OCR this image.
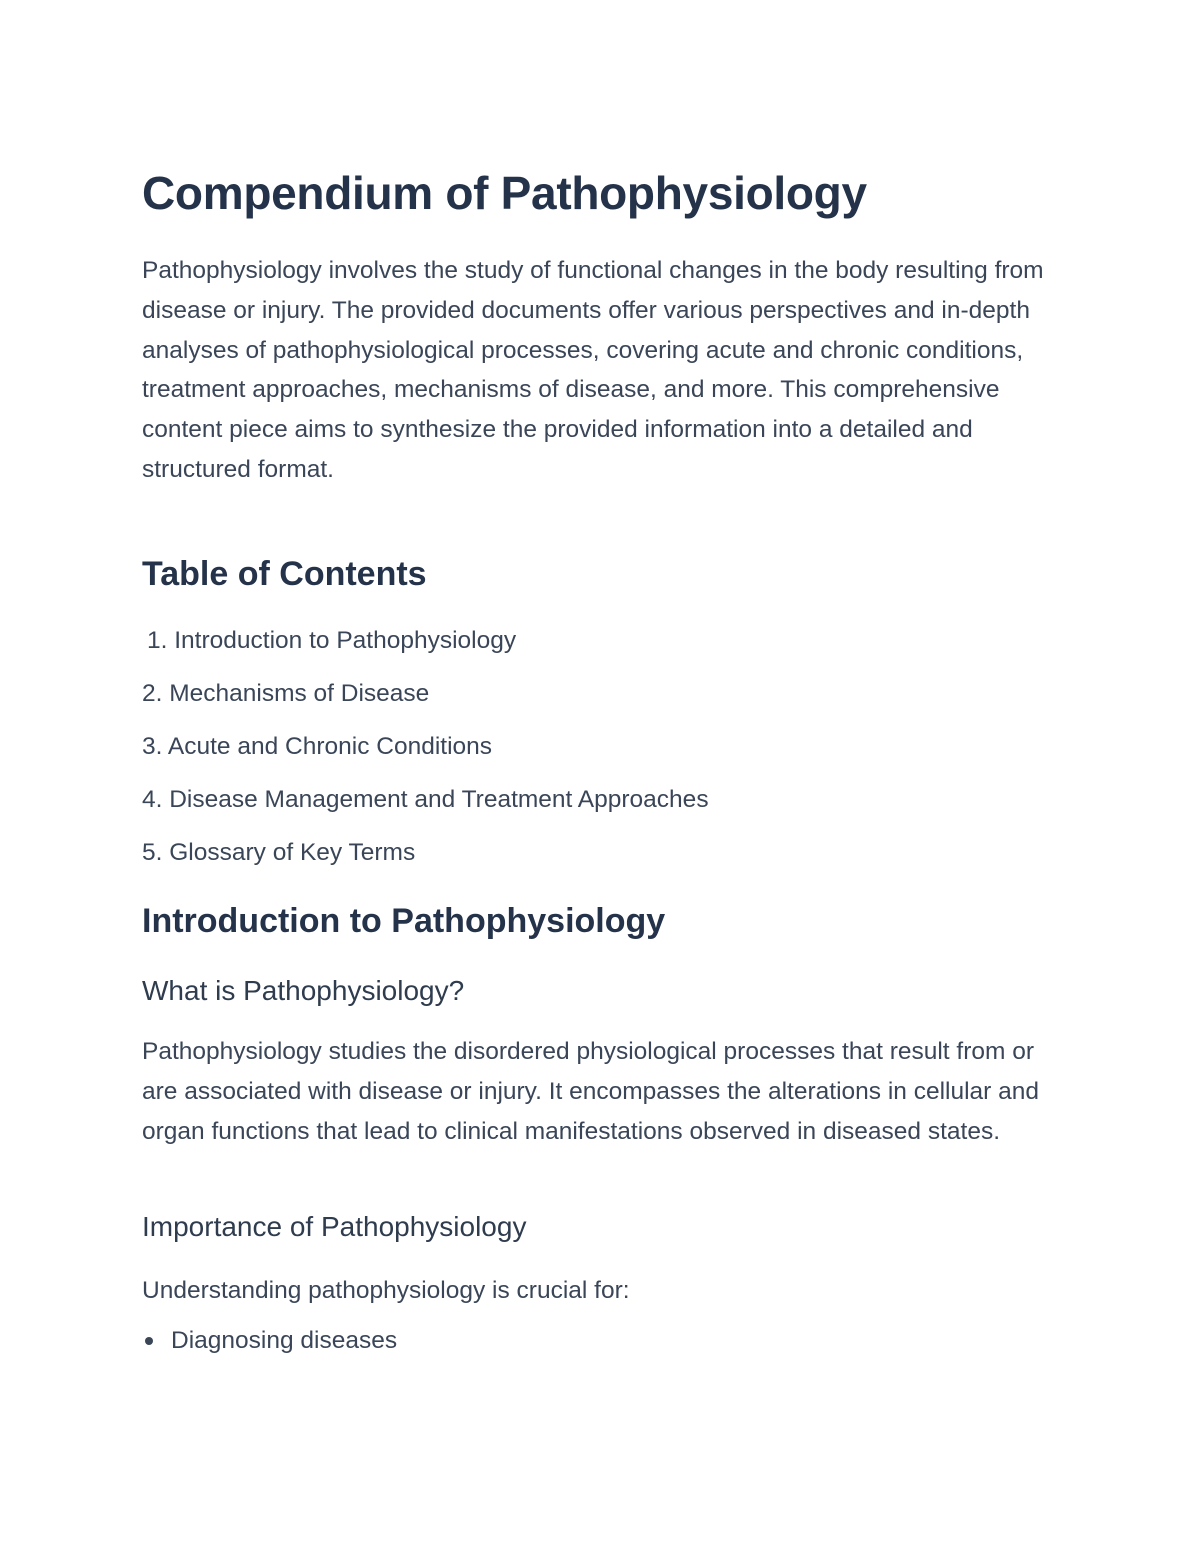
Compendium of Pathophysiology

Pathophysiology involves the study of functional changes in the body resulting from disease or injury. The provided documents offer various perspectives and in-depth analyses of pathophysiological processes, covering acute and chronic conditions, treatment approaches, mechanisms of disease, and more. This comprehensive content piece aims to synthesize the provided information into a detailed and structured format.

Table of Contents
1. Introduction to Pathophysiology
2. Mechanisms of Disease
3. Acute and Chronic Conditions
4. Disease Management and Treatment Approaches
5. Glossary of Key Terms
Introduction to Pathophysiology
What is Pathophysiology?

Pathophysiology studies the disordered physiological processes that result from or are associated with disease or injury. It encompasses the alterations in cellular and organ functions that lead to clinical manifestations observed in diseased states.

Importance of Pathophysiology

Understanding pathophysiology is crucial for:

Diagnosing diseases
